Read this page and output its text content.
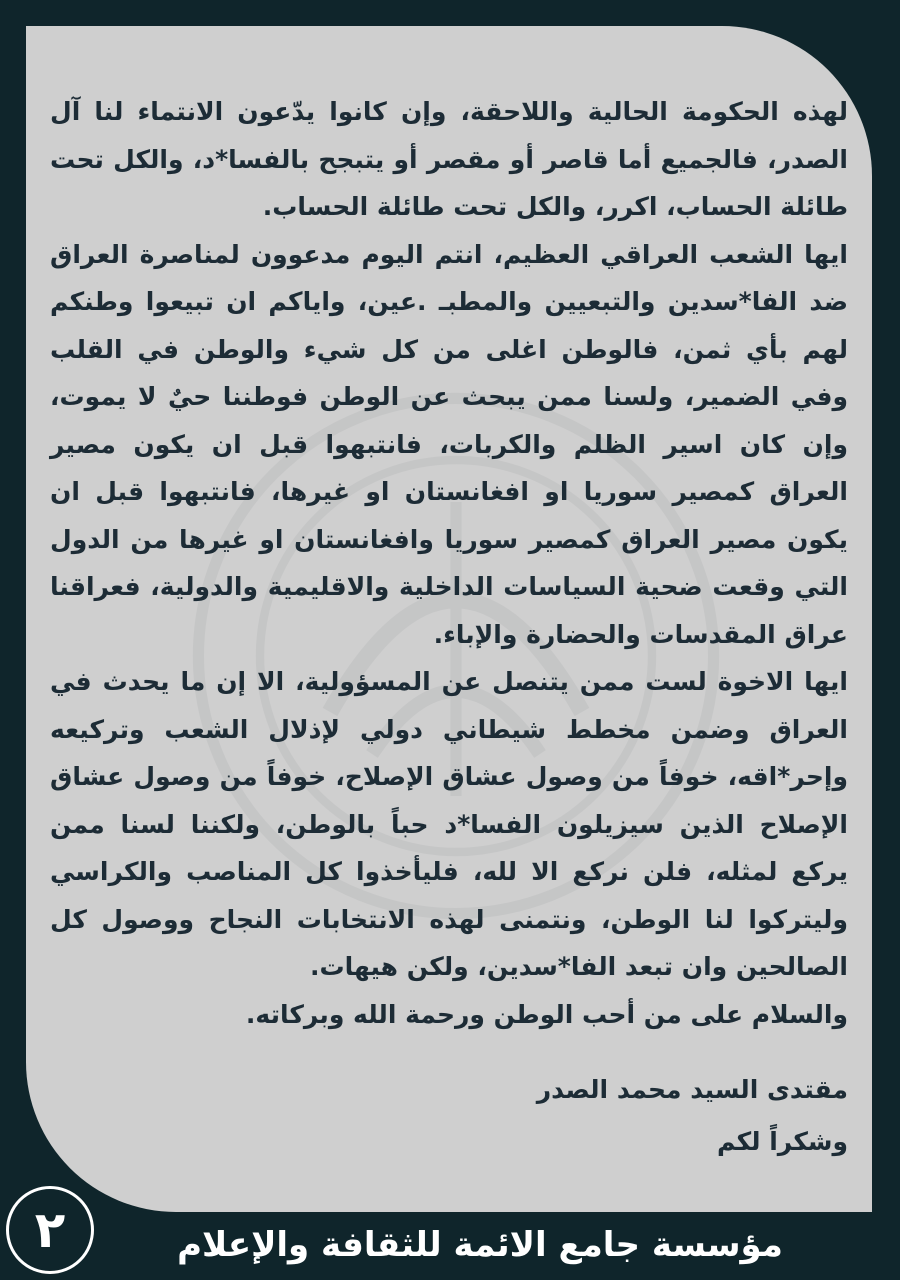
لهذه الحكومة الحالية واللاحقة، وإن كانوا يدّعون الانتماء لنا آل الصدر، فالجميع أما قاصر أو مقصر أو يتبجح بالفسا*د، والكل تحت طائلة الحساب، اكرر، والكل تحت طائلة الحساب.

ايها الشعب العراقي العظيم، انتم اليوم مدعوون لمناصرة العراق ضد الفا*سدين والتبعيين والمطبـ .عين، واياكم ان تبيعوا وطنكم لهم بأي ثمن، فالوطن اغلى من كل شيء والوطن في القلب وفي الضمير، ولسنا ممن يبحث عن الوطن فوطننا حيٌ لا يموت، وإن كان اسير الظلم والكربات، فانتبهوا قبل ان يكون مصير العراق كمصير سوريا او افغانستان او غيرها، فانتبهوا قبل ان يكون مصير العراق كمصير سوريا وافغانستان او غيرها من الدول التي وقعت ضحية السياسات الداخلية والاقليمية والدولية، فعراقنا عراق المقدسات والحضارة والإباء.

ايها الاخوة لست ممن يتنصل عن المسؤولية، الا إن ما يحدث في العراق وضمن مخطط شيطاني دولي لإذلال الشعب وتركيعه وإحر*اقه، خوفاً من وصول عشاق الإصلاح، خوفاً من وصول عشاق الإصلاح الذين سيزيلون الفسا*د حباً بالوطن، ولكننا لسنا ممن يركع لمثله، فلن نركع الا لله، فليأخذوا كل المناصب والكراسي وليتركوا لنا الوطن، ونتمنى لهذه الانتخابات النجاح ووصول كل الصالحين وان تبعد الفا*سدين، ولكن هيهات.

والسلام على من أحب الوطن ورحمة الله وبركاته.

مقتدى السيد محمد الصدر

وشكراً لكم

٢	مؤسسة جامع الائمة للثقافة والإعلام
